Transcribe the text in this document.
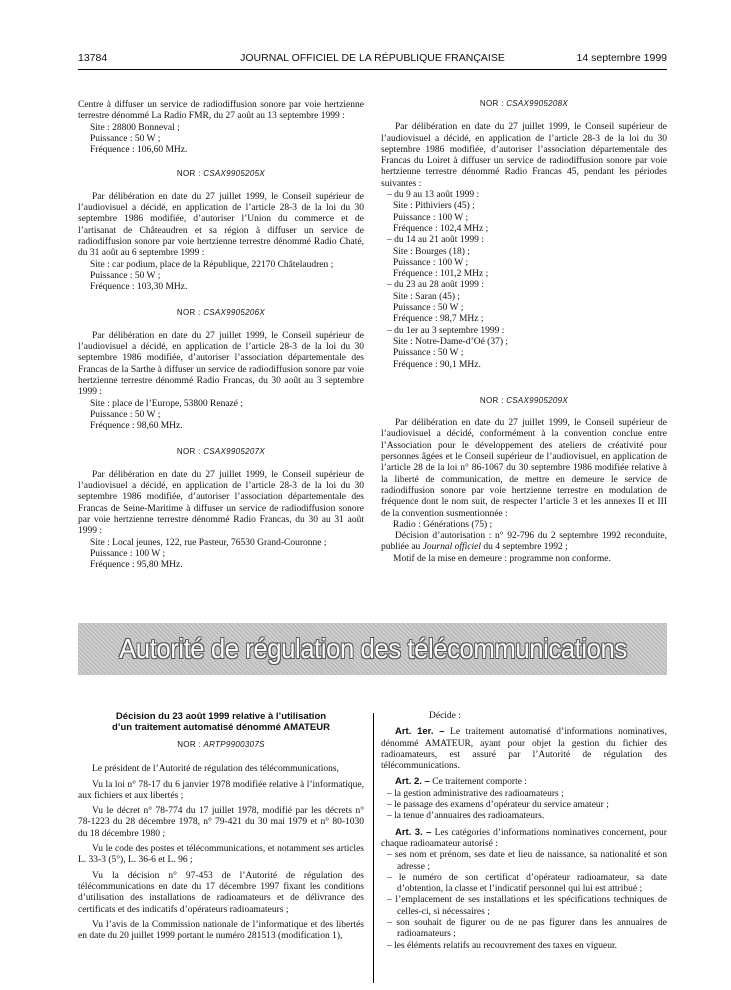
13784	JOURNAL OFFICIEL DE LA RÉPUBLIQUE FRANÇAISE	14 septembre 1999

Centre à diffuser un service de radiodiffusion sonore par voie hertzienne terrestre dénommé La Radio FMR, du 27 août au 13 septembre 1999 :

Site : 28800 Bonneval ;

Puissance : 50 W ;

Fréquence : 106,60 MHz.

NOR : CSAX9905205X

Par délibération en date du 27 juillet 1999, le Conseil supérieur de l’audiovisuel a décidé, en application de l’article 28-3 de la loi du 30 septembre 1986 modifiée, d’autoriser l’Union du commerce et de l’artisanat de Châteaudren et sa région à diffuser un service de radiodiffusion sonore par voie hertzienne terrestre dénommé Radio Chaté, du 31 août au 6 septembre 1999 :

Site : car podium, place de la République, 22170 Châtelaudren ;

Puissance : 50 W ;

Fréquence : 103,30 MHz.

NOR : CSAX9905206X

Par délibération en date du 27 juillet 1999, le Conseil supérieur de l’audiovisuel a décidé, en application de l’article 28-3 de la loi du 30 septembre 1986 modifiée, d’autoriser l’association départementale des Francas de la Sarthe à diffuser un service de radiodiffusion sonore par voie hertzienne terrestre dénommé Radio Francas, du 30 août au 3 septembre 1999 :

Site : place de l’Europe, 53800 Renazé ;

Puissance : 50 W ;

Fréquence : 98,60 MHz.

NOR : CSAX9905207X

Par délibération en date du 27 juillet 1999, le Conseil supérieur de l’audiovisuel a décidé, en application de l’article 28-3 de la loi du 30 septembre 1986 modifiée, d’autoriser l’association départementale des Francas de Seine-Maritime à diffuser un service de radiodiffusion sonore par voie hertzienne terrestre dénommé Radio Francas, du 30 au 31 août 1999 :

Site : Local jeunes, 122, rue Pasteur, 76530 Grand-Couronne ;

Puissance : 100 W ;

Fréquence : 95,80 MHz.

NOR : CSAX9905208X

Par délibération en date du 27 juillet 1999, le Conseil supérieur de l’audiovisuel a décidé, en application de l’article 28-3 de la loi du 30 septembre 1986 modifiée, d’autoriser l’association départementale des Francas du Loiret à diffuser un service de radiodiffusion sonore par voie hertzienne terrestre dénommé Radio Francas 45, pendant les périodes suivantes :

– du 9 au 13 août 1999 :

Site : Pithiviers (45) ;

Puissance : 100 W ;

Fréquence : 102,4 MHz ;

– du 14 au 21 août 1999 :

Site : Bourges (18) ;

Puissance : 100 W ;

Fréquence : 101,2 MHz ;

– du 23 au 28 août 1999 :

Site : Saran (45) ;

Puissance : 50 W ;

Fréquence : 98,7 MHz ;

– du 1er au 3 septembre 1999 :

Site : Notre-Dame-d’Oé (37) ;

Puissance : 50 W ;

Fréquence : 90,1 MHz.

NOR : CSAX9905209X

Par délibération en date du 27 juillet 1999, le Conseil supérieur de l’audiovisuel a décidé, conformément à la convention conclue entre l’Association pour le développement des ateliers de créativité pour personnes âgées et le Conseil supérieur de l’audiovisuel, en application de l’article 28 de la loi n° 86-1067 du 30 septembre 1986 modifiée relative à la liberté de communication, de mettre en demeure le service de radiodiffusion sonore par voie hertzienne terrestre en modulation de fréquence dont le nom suit, de respecter l’article 3 et les annexes II et III de la convention susmentionnée :

Radio : Générations (75) ;

Décision d’autorisation : n° 92-796 du 2 septembre 1992 reconduite, publiée au Journal officiel du 4 septembre 1992 ;

Motif de la mise en demeure : programme non conforme.

Autorité de régulation des télécommunications

Décision du 23 août 1999 relative à l’utilisation
d’un traitement automatisé dénommé AMATEUR

NOR : ARTP9900307S

Le président de l’Autorité de régulation des télécommunications,

Vu la loi n° 78-17 du 6 janvier 1978 modifiée relative à l’informatique, aux fichiers et aux libertés ;

Vu le décret n° 78-774 du 17 juillet 1978, modifié par les décrets n° 78-1223 du 28 décembre 1978, n° 79-421 du 30 mai 1979 et n° 80-1030 du 18 décembre 1980 ;

Vu le code des postes et télécommunications, et notamment ses articles L. 33-3 (5°), L. 36-6 et L. 96 ;

Vu la décision n° 97-453 de l’Autorité de régulation des télécommunications en date du 17 décembre 1997 fixant les conditions d’utilisation des installations de radioamateurs et de délivrance des certificats et des indicatifs d’opérateurs radioamateurs ;

Vu l’avis de la Commission nationale de l’informatique et des libertés en date du 20 juillet 1999 portant le numéro 281513 (modification 1),

Décide :

Art. 1er. – Le traitement automatisé d’informations nominatives, dénommé AMATEUR, ayant pour objet la gestion du fichier des radioamateurs, est assuré par l’Autorité de régulation des télécommunications.

Art. 2. – Ce traitement comporte :

– la gestion administrative des radioamateurs ;

– le passage des examens d’opérateur du service amateur ;

– la tenue d’annuaires des radioamateurs.

Art. 3. – Les catégories d’informations nominatives concernent, pour chaque radioamateur autorisé :

– ses nom et prénom, ses date et lieu de naissance, sa nationalité et son adresse ;

– le numéro de son certificat d’opérateur radioamateur, sa date d’obtention, la classe et l’indicatif personnel qui lui est attribué ;

– l’emplacement de ses installations et les spécifications techniques de celles-ci, si nécessaires ;

– son souhait de figurer ou de ne pas figurer dans les annuaires de radioamateurs ;

– les éléments relatifs au recouvrement des taxes en vigueur.
